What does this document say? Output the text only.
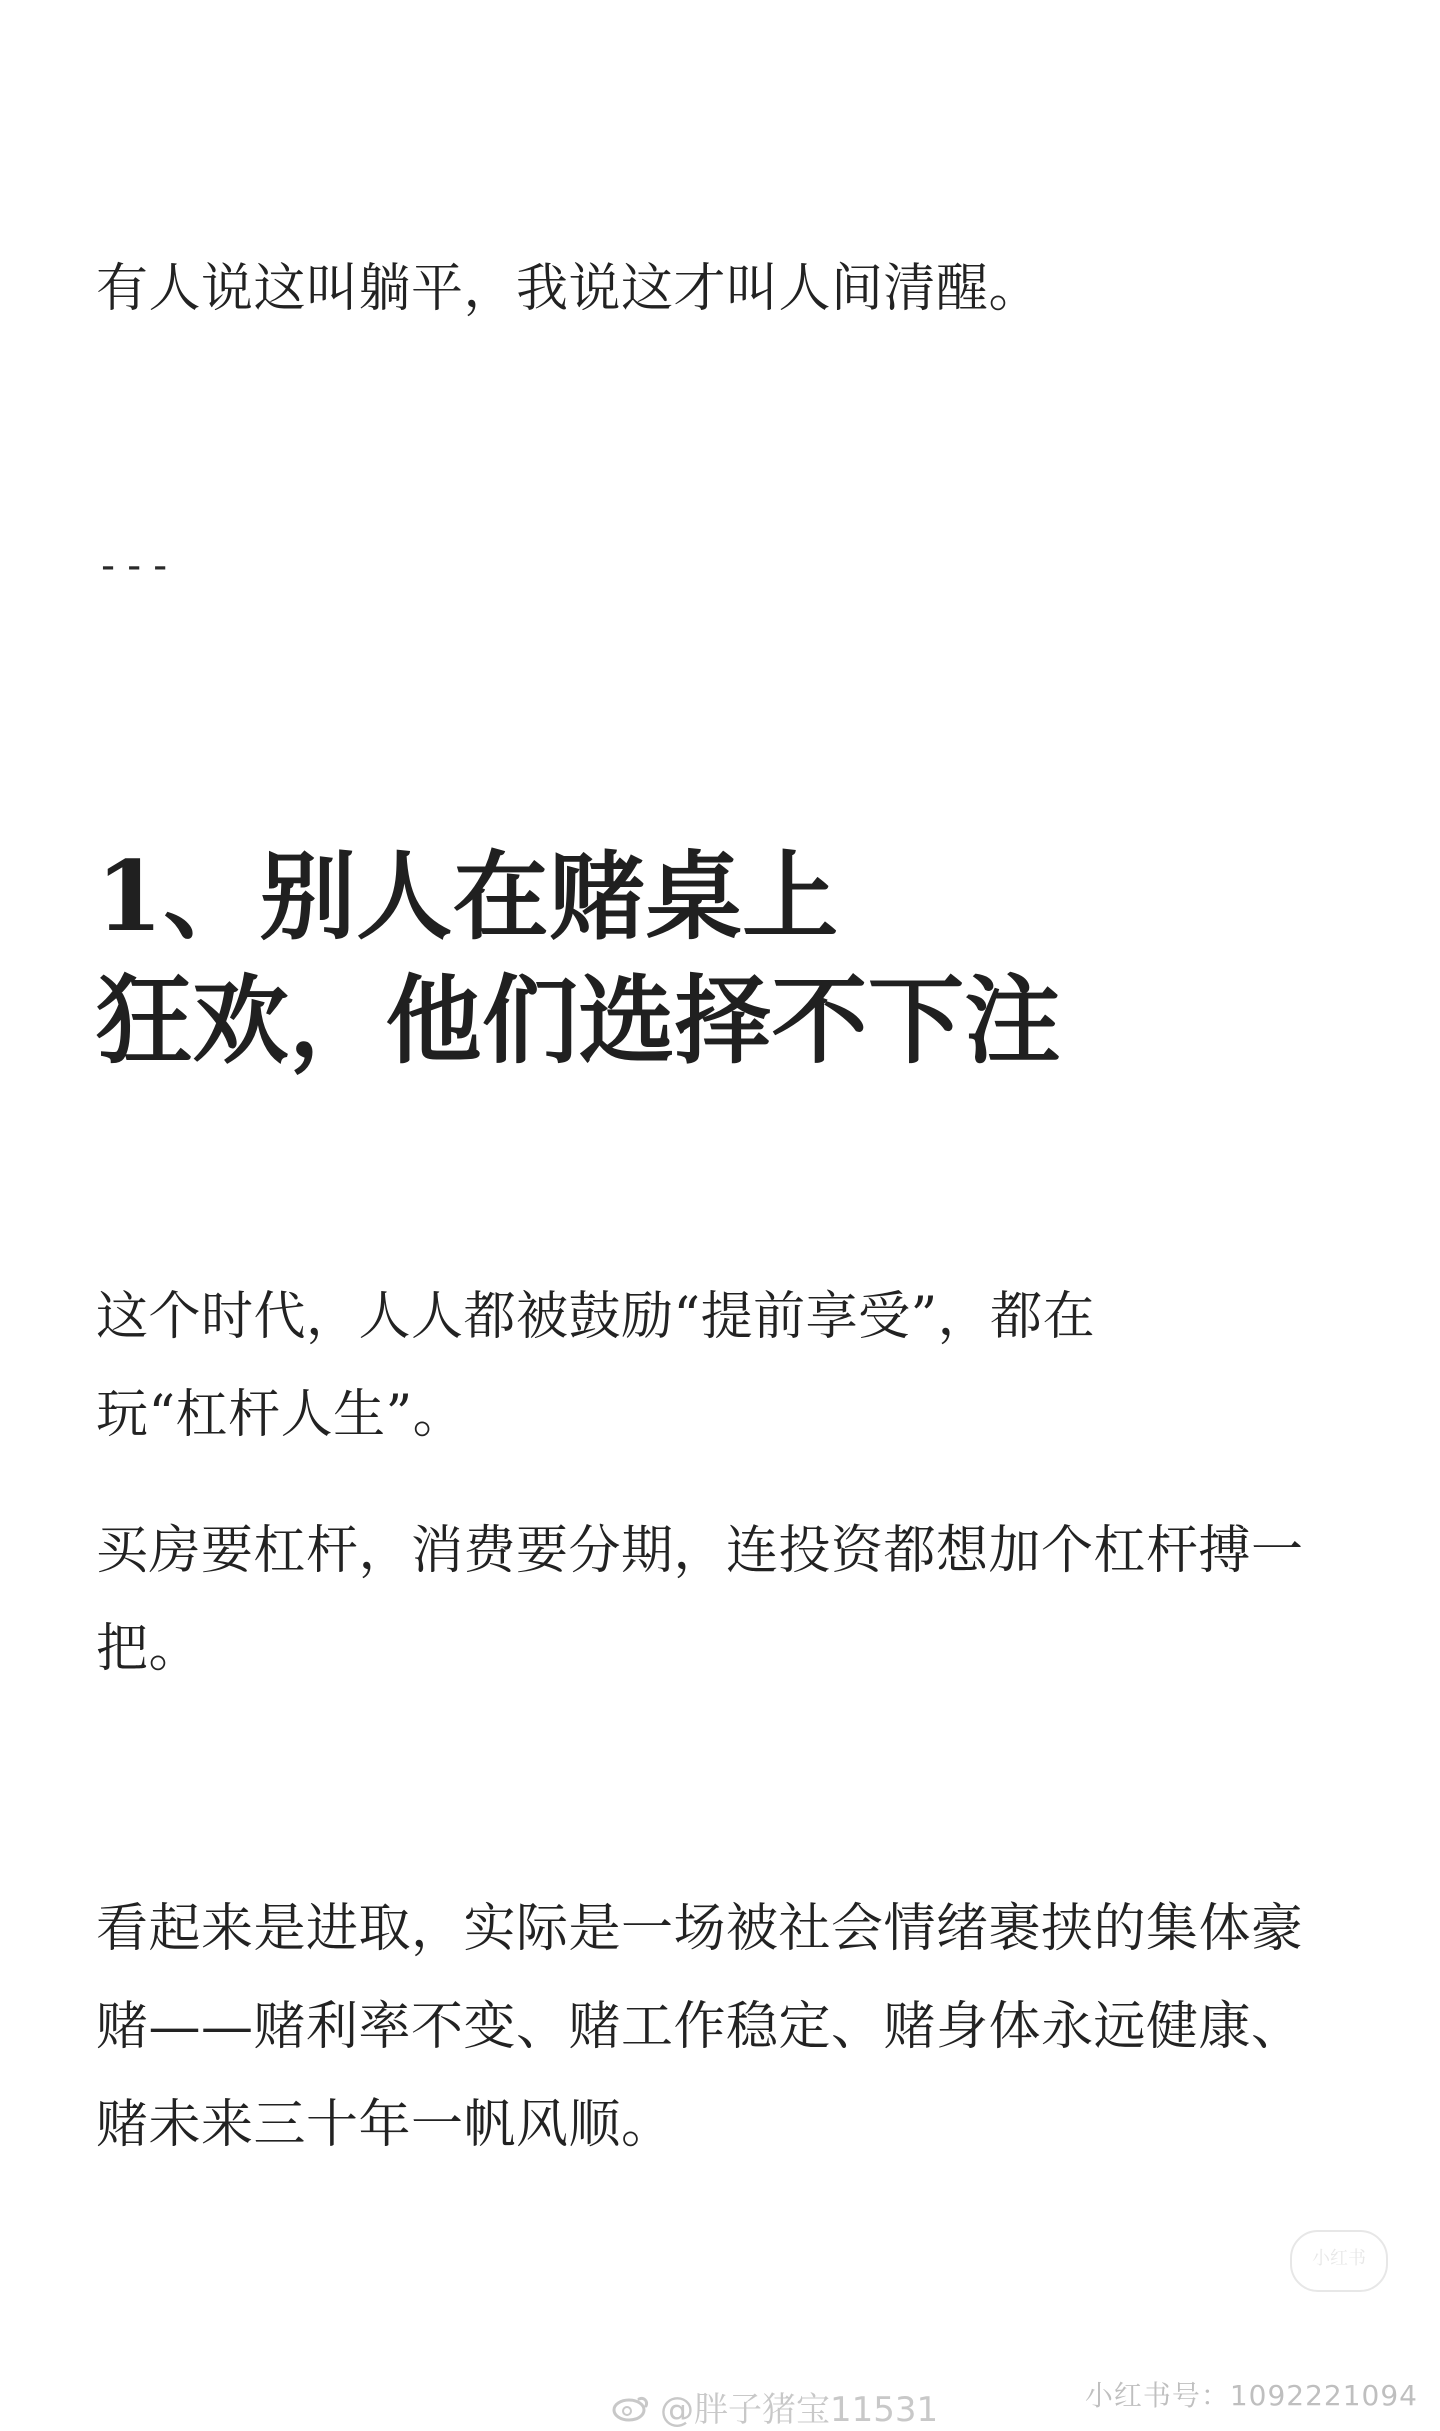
有人说这叫躺平，我说这才叫人间清醒。

---
1、别人在赌桌上
狂欢，他们选择不下注

这个时代，人人都被鼓励“提前享受”，都在玩“杠杆人生”。

买房要杠杆，消费要分期，连投资都想加个杠杆搏一把。

看起来是进取，实际是一场被社会情绪裹挟的集体豪赌——赌利率不变、赌工作稳定、赌身体永远健康、赌未来三十年一帆风顺。

小红书
@胖子猪宝11531	小红书号：1092221094
